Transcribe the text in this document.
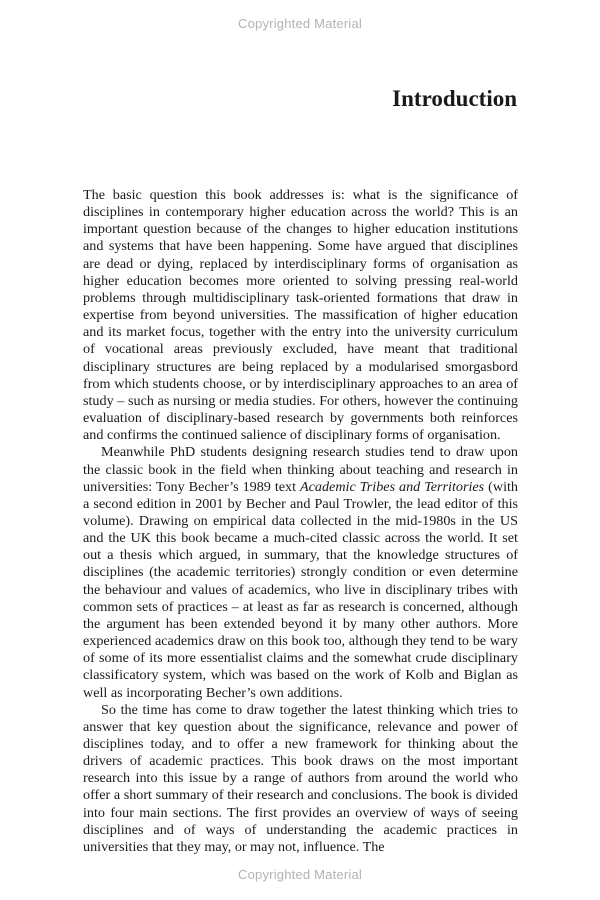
Copyrighted Material
Introduction

The basic question this book addresses is: what is the significance of disciplines in contemporary higher education across the world? This is an important question because of the changes to higher education institutions and systems that have been happening. Some have argued that disciplines are dead or dying, replaced by interdisciplinary forms of organisation as higher education becomes more oriented to solving pressing real-world problems through multidisciplinary task-oriented formations that draw in expertise from beyond universities. The massification of higher education and its market focus, together with the entry into the university curriculum of vocational areas previously excluded, have meant that traditional disciplinary structures are being replaced by a modularised smorgasbord from which students choose, or by interdisciplinary approaches to an area of study – such as nursing or media studies. For others, however the continuing evaluation of disciplinary-based research by governments both reinforces and confirms the continued salience of disciplinary forms of organisation.

Meanwhile PhD students designing research studies tend to draw upon the classic book in the field when thinking about teaching and research in universities: Tony Becher’s 1989 text Academic Tribes and Territories (with a second edition in 2001 by Becher and Paul Trowler, the lead editor of this volume). Drawing on empirical data collected in the mid-1980s in the US and the UK this book became a much-cited classic across the world. It set out a thesis which argued, in summary, that the knowledge structures of disciplines (the academic territories) strongly condition or even determine the behaviour and values of academics, who live in disciplinary tribes with common sets of practices – at least as far as research is concerned, although the argument has been extended beyond it by many other authors. More experienced academics draw on this book too, although they tend to be wary of some of its more essentialist claims and the somewhat crude disciplinary classificatory system, which was based on the work of Kolb and Biglan as well as incorporating Becher’s own additions.

So the time has come to draw together the latest thinking which tries to answer that key question about the significance, relevance and power of disciplines today, and to offer a new framework for thinking about the drivers of academic practices. This book draws on the most important research into this issue by a range of authors from around the world who offer a short summary of their research and conclusions. The book is divided into four main sections. The first provides an overview of ways of seeing disciplines and of ways of understanding the academic practices in universities that they may, or may not, influence. The

Copyrighted Material
